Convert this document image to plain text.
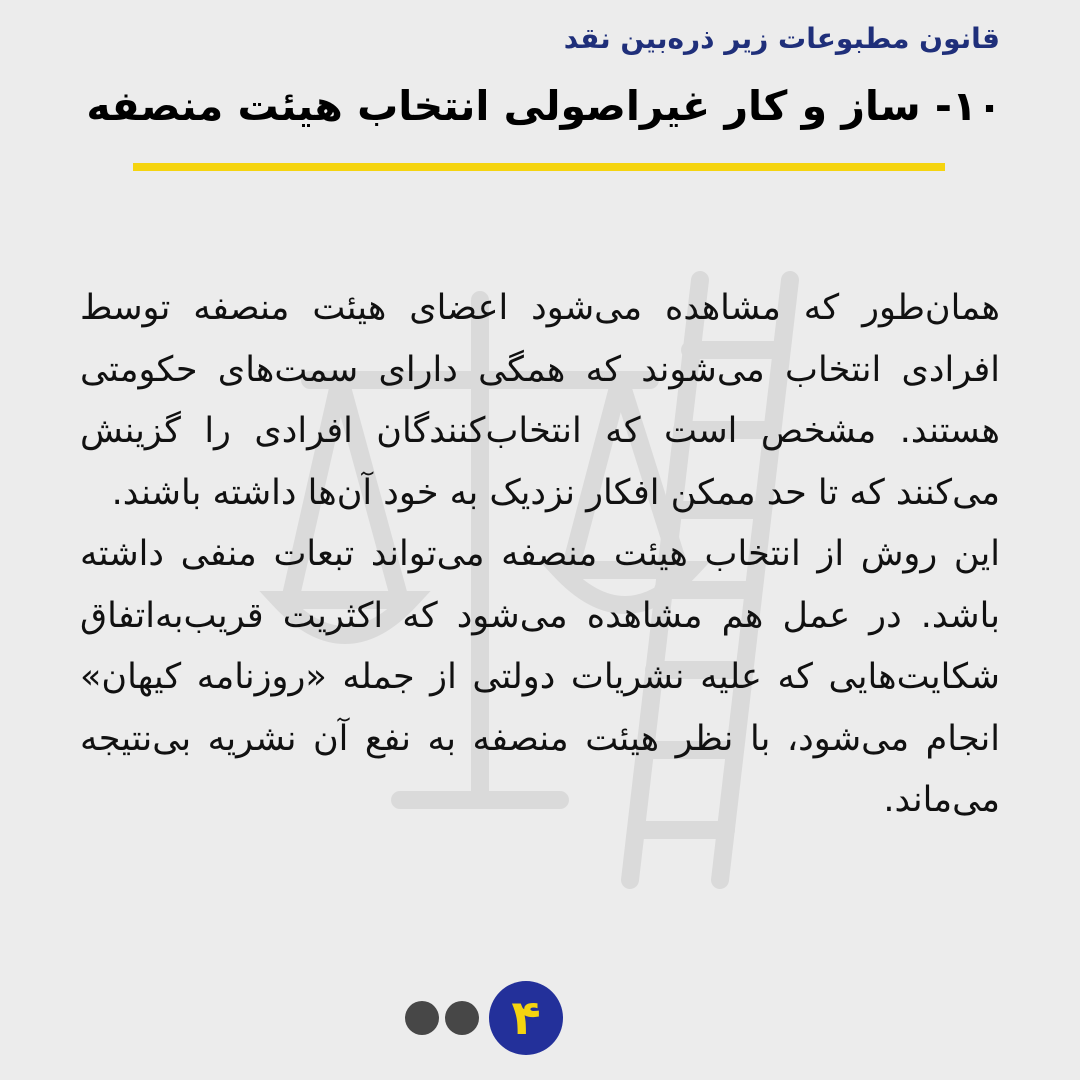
قانون مطبوعات زیر ذره‌بین نقد
۱۰- ساز و کار غیراصولی انتخاب هیئت منصفه

همان‌طور که مشاهده می‌شود اعضای هیئت منصفه توسط افرادی انتخاب می‌شوند که همگی دارای سمت‌های حکومتی هستند. مشخص است که انتخاب‌کنندگان افرادی را گزینش می‌کنند که تا حد ممکن افکار نزدیک به خود آن‌ها داشته باشند.

این روش از انتخاب هیئت منصفه می‌تواند تبعات منفی داشته باشد. در عمل هم مشاهده می‌شود که اکثریت قریب‌به‌اتفاق شکایت‌هایی که علیه نشریات دولتی از جمله «روزنامه کیهان» انجام می‌شود، با نظر هیئت منصفه به نفع آن نشریه بی‌نتیجه می‌ماند.

۴
